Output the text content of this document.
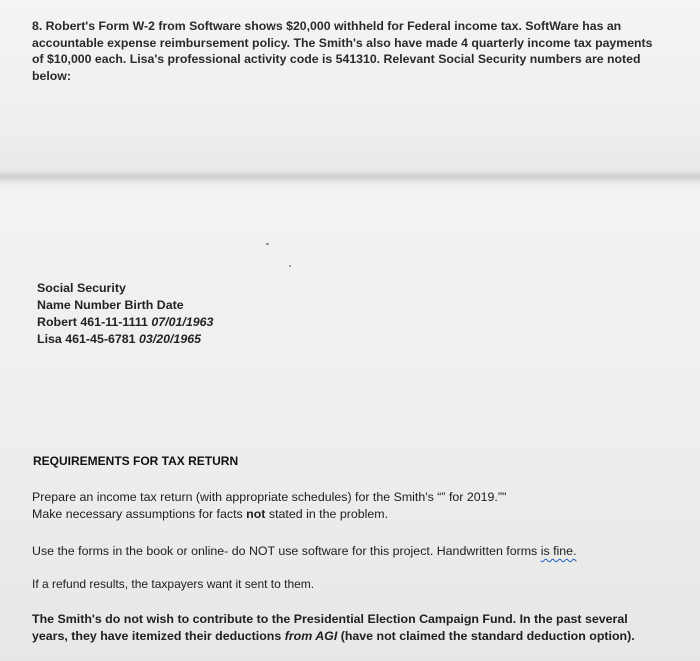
8. Robert's Form W-2 from Software shows $20,000 withheld for Federal income tax. SoftWare has an accountable expense reimbursement policy. The Smith's also have made 4 quarterly income tax payments of $10,000 each. Lisa's professional activity code is 541310. Relevant Social Security numbers are noted below:
Social Security
Name Number Birth Date
Robert 461-11-1111 07/01/1963
Lisa 461-45-6781 03/20/1965
REQUIREMENTS FOR TAX RETURN
Prepare an income tax return (with appropriate schedules) for the Smith's “” for 2019.”"
Make necessary assumptions for facts not stated in the problem.
Use the forms in the book or online- do NOT use software for this project. Handwritten forms is fine.
If a refund results, the taxpayers want it sent to them.
The Smith's do not wish to contribute to the Presidential Election Campaign Fund. In the past several years, they have itemized their deductions from AGI (have not claimed the standard deduction option).
